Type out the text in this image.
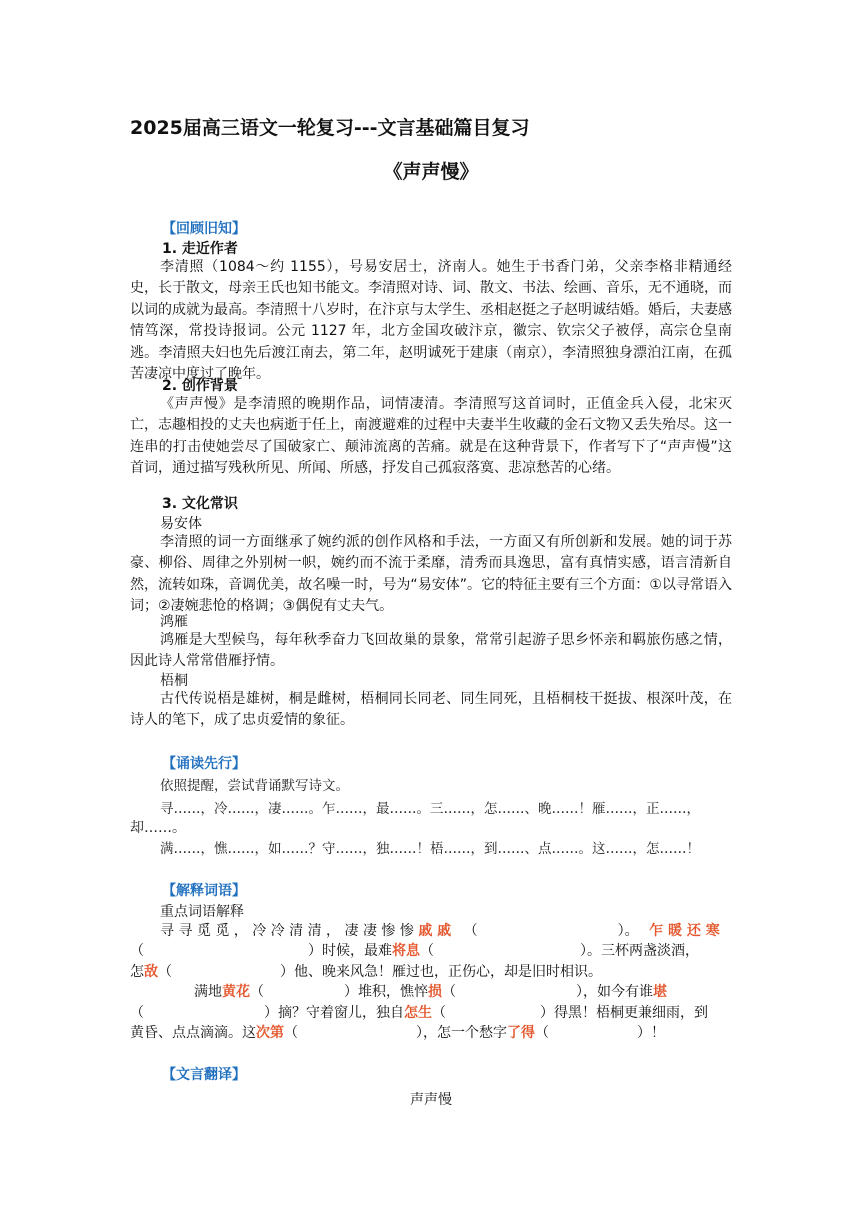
2025届高三语文一轮复习---文言基础篇目复习
《声声慢》
【回顾旧知】
1. 走近作者
李清照（1084～约 1155），号易安居士，济南人。她生于书香门弟，父亲李格非精通经史，长于散文，母亲王氏也知书能文。李清照对诗、词、散文、书法、绘画、音乐，无不通晓，而以词的成就为最高。李清照十八岁时，在汴京与太学生、丞相赵挺之子赵明诚结婚。婚后，夫妻感情笃深，常投诗报词。公元 1127 年，北方金国攻破汴京，徽宗、钦宗父子被俘，高宗仓皇南逃。李清照夫妇也先后渡江南去，第二年，赵明诚死于建康（南京），李清照独身漂泊江南，在孤苦凄凉中度过了晚年。
2. 创作背景
《声声慢》是李清照的晚期作品，词情凄清。李清照写这首词时，正值金兵入侵，北宋灭亡，志趣相投的丈夫也病逝于任上，南渡避难的过程中夫妻半生收藏的金石文物又丢失殆尽。这一连串的打击使她尝尽了国破家亡、颠沛流离的苦痛。就是在这种背景下，作者写下了“声声慢”这首词，通过描写残秋所见、所闻、所感，抒发自己孤寂落寞、悲凉愁苦的心绪。
3. 文化常识
易安体
李清照的词一方面继承了婉约派的创作风格和手法，一方面又有所创新和发展。她的词于苏豪、柳俗、周律之外别树一帜，婉约而不流于柔靡，清秀而具逸思，富有真情实感，语言清新自然，流转如珠，音调优美，故名噪一时，号为“易安体”。它的特征主要有三个方面：①以寻常语入词；②凄婉悲怆的格调；③偶倪有丈夫气。
鸿雁
鸿雁是大型候鸟，每年秋季奋力飞回故巢的景象，常常引起游子思乡怀亲和羁旅伤感之情，因此诗人常常借雁抒情。
梧桐
古代传说梧是雄树，桐是雌树，梧桐同长同老、同生同死，且梧桐枝干挺拔、根深叶茂，在诗人的笔下，成了忠贞爱情的象征。
【诵读先行】
依照提醒，尝试背诵默写诗文。
寻……，冷……，凄……。乍……，最……。三……，怎……、晚……！雁……，正……，
却……。
满……，憔……，如……？守……，独……！梧……，到……、点……。这……，怎……！
【解释词语】
重点词语解释
寻 寻 觅 觅 ， 冷 冷 清 清 ， 凄 凄 惨 惨 戚 戚 （	）。 乍 暖 还 寒
（	）时候，最难将息（	）。三杯两盏淡酒，
怎敌（	）他、晚来风急！雁过也，正伤心，却是旧时相识。
满地黄花（	）堆积，憔悴损（	），如今有谁堪
（	）摘？守着窗儿，独自怎生（	）得黑！梧桐更兼细雨，到
黄昏、点点滴滴。这次第（	），怎一个愁字了得（	）！
【文言翻译】
声声慢
